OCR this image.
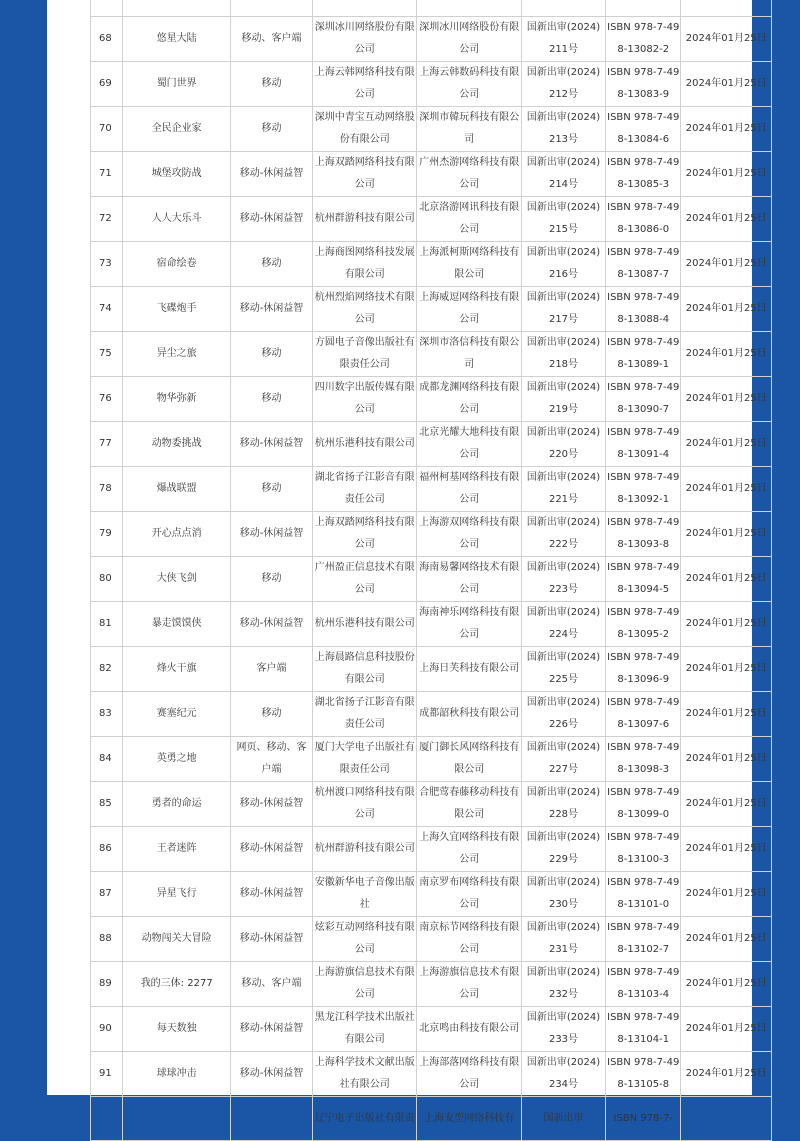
68	悠星大陆	移动、客户端	深圳冰川网络股份有限公司	深圳冰川网络股份有限公司	国新出审(2024) 211号	ISBN 978-7-498-13082-2	2024年01月25日
69	蜀门世界	移动	上海云韩网络科技有限公司	上海云韩数码科技有限公司	国新出审(2024) 212号	ISBN 978-7-498-13083-9	2024年01月25日
70	全民企业家	移动	深圳中青宝互动网络股份有限公司	深圳市韓玩科技有限公司	国新出审(2024) 213号	ISBN 978-7-498-13084-6	2024年01月25日
71	城堡攻防战	移动-休闲益智	上海双踏网络科技有限公司	广州杰游网络科技有限公司	国新出审(2024) 214号	ISBN 978-7-498-13085-3	2024年01月25日
72	人人大乐斗	移动-休闲益智	杭州群游科技有限公司	北京洛游网讯科技有限公司	国新出审(2024) 215号	ISBN 978-7-498-13086-0	2024年01月25日
73	宿命绘卷	移动	上海商图网络科技发展有限公司	上海派柯斯网络科技有限公司	国新出审(2024) 216号	ISBN 978-7-498-13087-7	2024年01月25日
74	飞碟炮手	移动-休闲益智	杭州烈焰网络技术有限公司	上海威逗网络科技有限公司	国新出审(2024) 217号	ISBN 978-7-498-13088-4	2024年01月25日
75	异尘之旅	移动	方圆电子音像出版社有限责任公司	深圳市洛信科技有限公司	国新出审(2024) 218号	ISBN 978-7-498-13089-1	2024年01月25日
76	物华弥新	移动	四川数字出版传媒有限公司	成都龙渊网络科技有限公司	国新出审(2024) 219号	ISBN 978-7-498-13090-7	2024年01月25日
77	动物委挑战	移动-休闲益智	杭州乐港科技有限公司	北京光耀大地科技有限公司	国新出审(2024) 220号	ISBN 978-7-498-13091-4	2024年01月25日
78	爆战联盟	移动	湖北省扬子江影音有限责任公司	福州柯基网络科技有限公司	国新出审(2024) 221号	ISBN 978-7-498-13092-1	2024年01月25日
79	开心点点消	移动-休闲益智	上海双踏网络科技有限公司	上海游双网络科技有限公司	国新出审(2024) 222号	ISBN 978-7-498-13093-8	2024年01月25日
80	大侠飞剑	移动	广州盈正信息技术有限公司	海南易馨网络技术有限公司	国新出审(2024) 223号	ISBN 978-7-498-13094-5	2024年01月25日
81	暴走馍馍侠	移动-休闲益智	杭州乐港科技有限公司	海南神乐网络科技有限公司	国新出审(2024) 224号	ISBN 978-7-498-13095-2	2024年01月25日
82	烽火干旗	客户端	上海晨路信息科技股份有限公司	上海日芙科技有限公司	国新出审(2024) 225号	ISBN 978-7-498-13096-9	2024年01月25日
83	赛塞纪元	移动	湖北省扬子江影音有限责任公司	成都韶秋科技有限公司	国新出审(2024) 226号	ISBN 978-7-498-13097-6	2024年01月25日
84	英勇之地	网页、移动、客户端	厦门大学电子出版社有限责任公司	厦门御长风网络科技有限公司	国新出审(2024) 227号	ISBN 978-7-498-13098-3	2024年01月25日
85	勇者的命运	移动-休闲益智	杭州渡口网络科技有限公司	合肥莺春藤移动科技有限公司	国新出审(2024) 228号	ISBN 978-7-498-13099-0	2024年01月25日
86	王者迷阵	移动-休闲益智	杭州群游科技有限公司	上海久宜网络科技有限公司	国新出审(2024) 229号	ISBN 978-7-498-13100-3	2024年01月25日
87	异星飞行	移动-休闲益智	安徽新华电子音像出版社	南京罗布网络科技有限公司	国新出审(2024) 230号	ISBN 978-7-498-13101-0	2024年01月25日
88	动物闯关大冒险	移动-休闲益智	炫彩互动网络科技有限公司	南京标节网络科技有限公司	国新出审(2024) 231号	ISBN 978-7-498-13102-7	2024年01月25日
89	我的三体: 2277	移动、客户端	上海游旗信息技术有限公司	上海游旗信息技术有限公司	国新出审(2024) 232号	ISBN 978-7-498-13103-4	2024年01月25日
90	每天数独	移动-休闲益智	黑龙江科学技术出版社有限公司	北京鸣由科技有限公司	国新出审(2024) 233号	ISBN 978-7-498-13104-1	2024年01月25日
91	球球冲击	移动-休闲益智	上海科学技术文献出版社有限公司	上海部落网络科技有限公司	国新出审(2024) 234号	ISBN 978-7-498-13105-8	2024年01月25日
			辽宁电子出版社有限责	上海友型网络科技有	国新出审	ISBN 978-7-	
